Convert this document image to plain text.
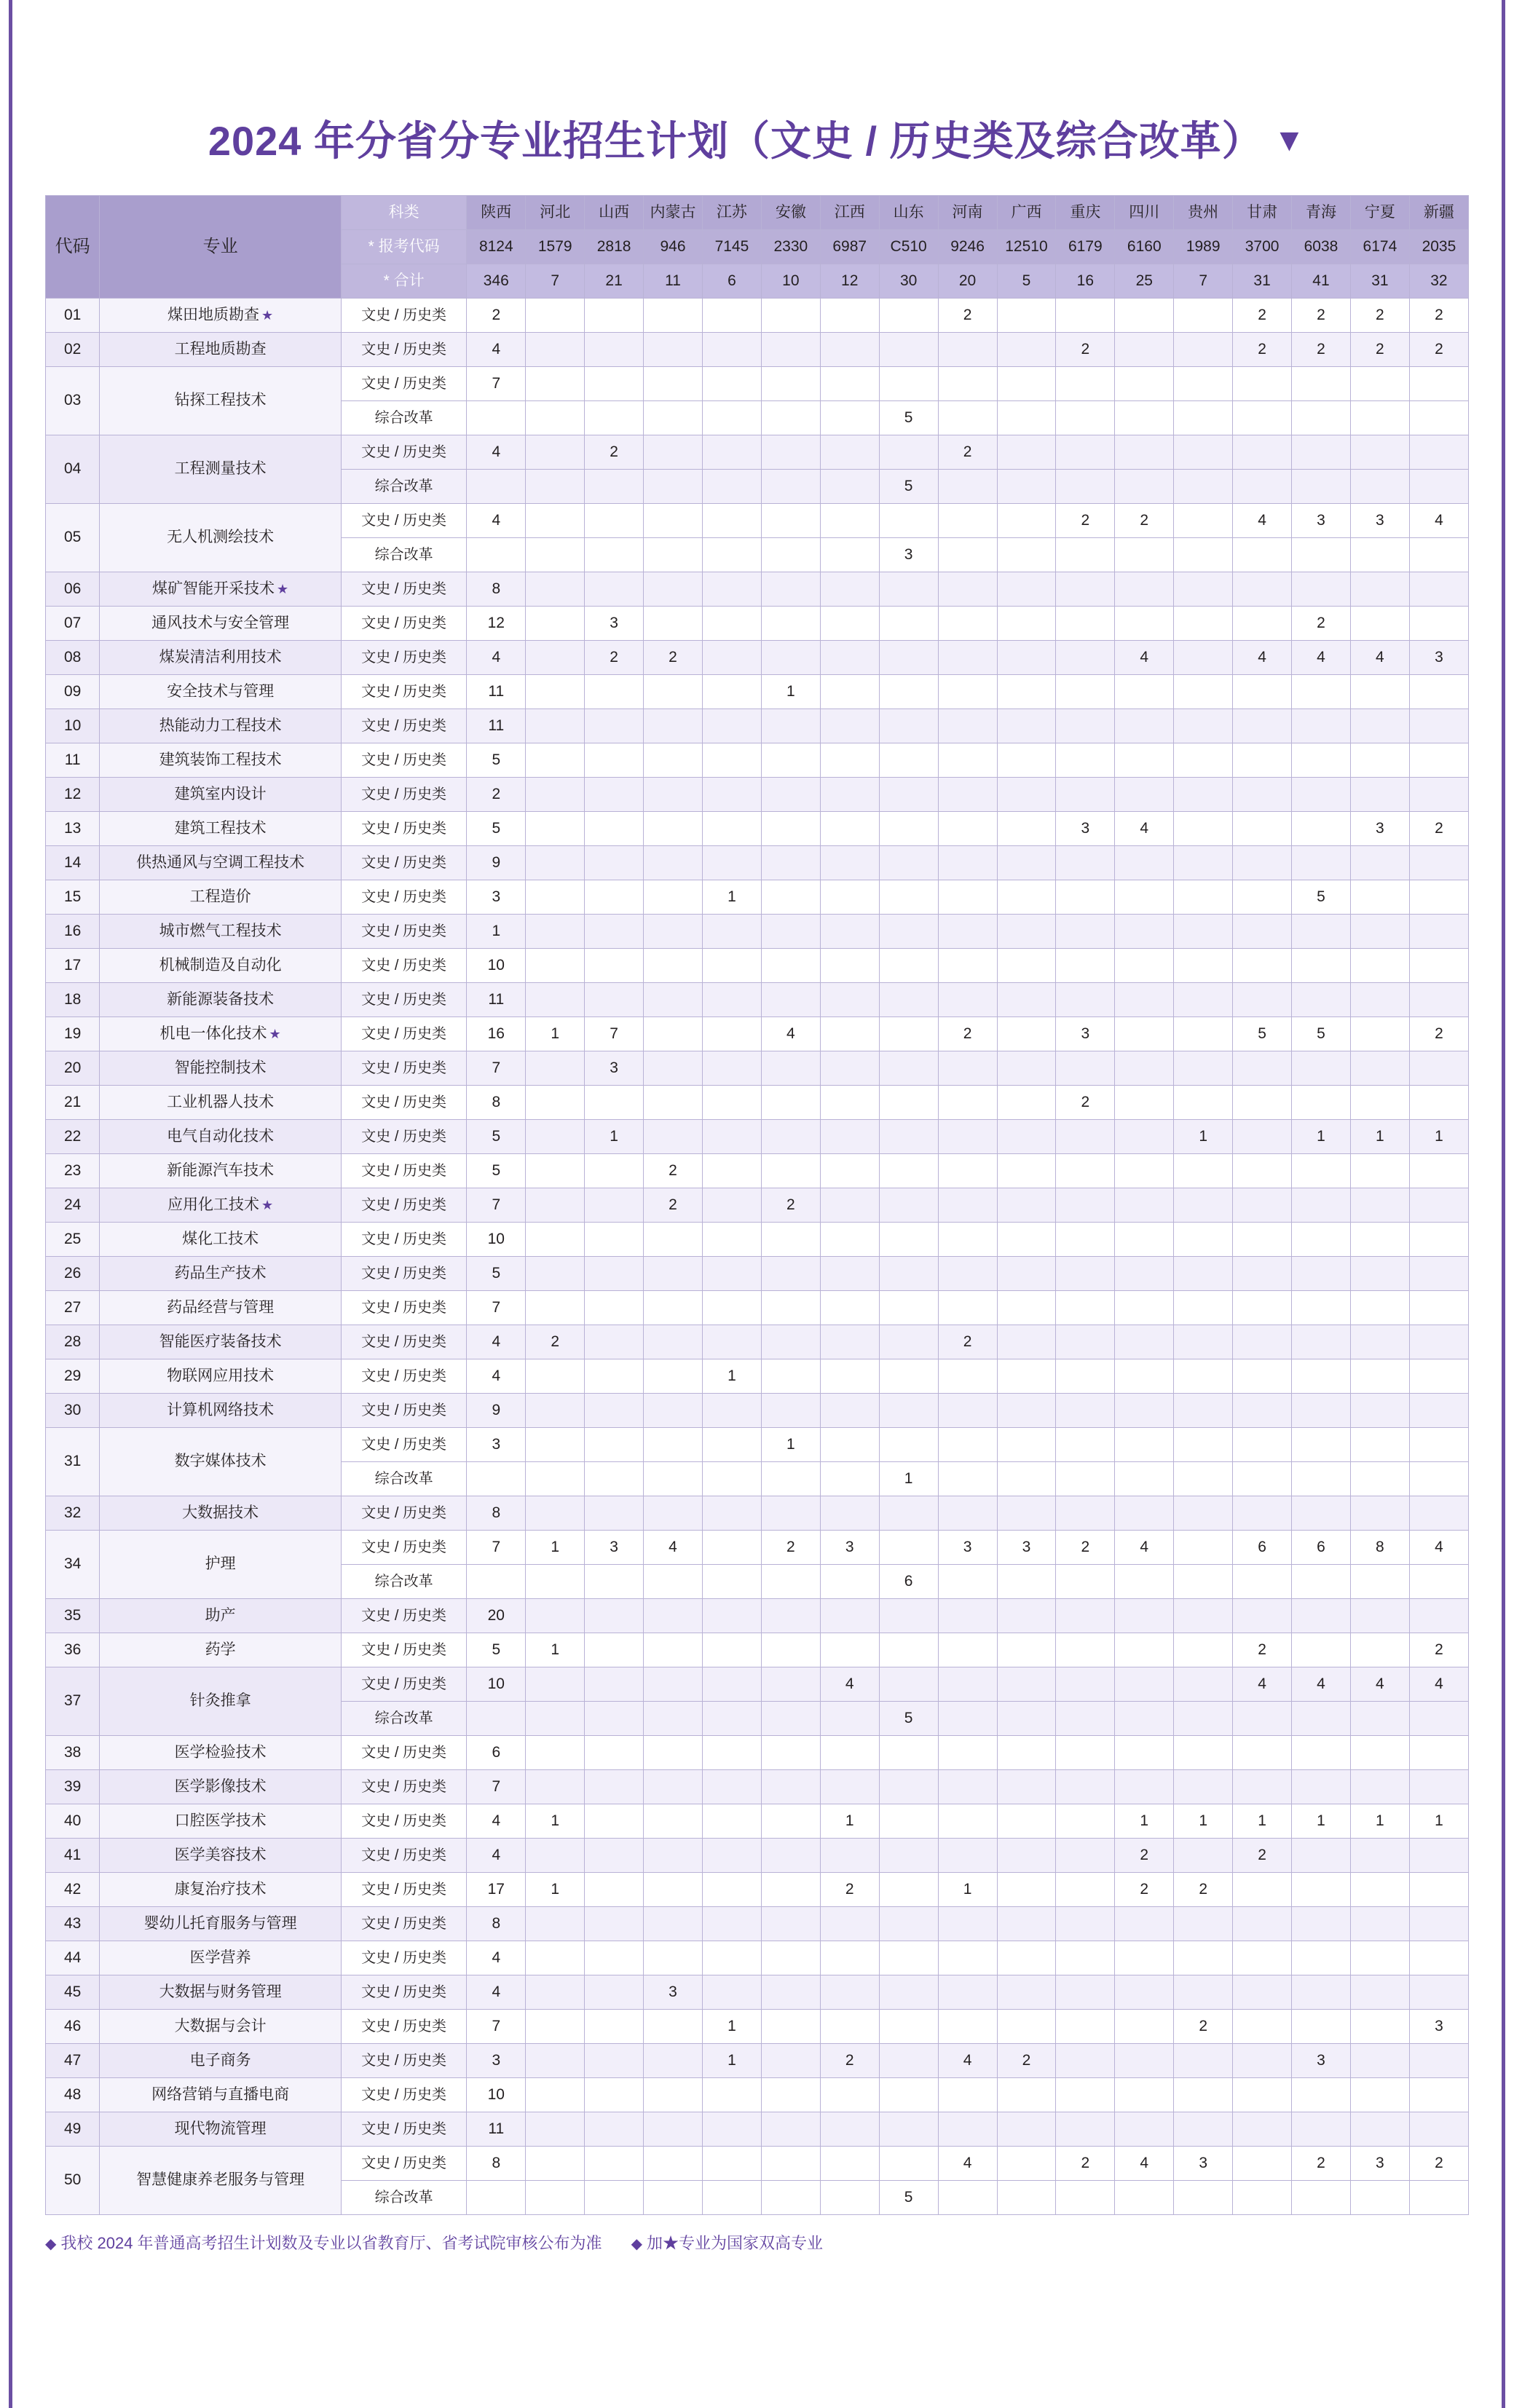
2024 年分省分专业招生计划（文史 / 历史类及综合改革） ▼
代码	专业	科类	陕西	河北	山西	内蒙古	江苏	安徽	江西	山东	河南	广西	重庆	四川	贵州	甘肃	青海	宁夏	新疆
		* 报考代码	8124	1579	2818	946	7145	2330	6987	C510	9246	12510	6179	6160	1989	3700	6038	6174	2035
		* 合计	346	7	21	11	6	10	12	30	20	5	16	25	7	31	41	31	32
01	煤田地质勘查 ★	文史 / 历史类	2								2					2	2	2	2
02	工程地质勘查	文史 / 历史类	4										2			2	2	2	2
03	钻探工程技术	文史 / 历史类	7																
		综合改革								5									
04	工程测量技术	文史 / 历史类	4		2						2								
		综合改革								5									
05	无人机测绘技术	文史 / 历史类	4										2	2		4	3	3	4
		综合改革								3									
06	煤矿智能开采技术 ★	文史 / 历史类	8																
07	通风技术与安全管理	文史 / 历史类	12		3												2		
08	煤炭清洁利用技术	文史 / 历史类	4		2	2								4		4	4	4	3
09	安全技术与管理	文史 / 历史类	11					1											
10	热能动力工程技术	文史 / 历史类	11																
11	建筑装饰工程技术	文史 / 历史类	5																
12	建筑室内设计	文史 / 历史类	2																
13	建筑工程技术	文史 / 历史类	5										3	4				3	2
14	供热通风与空调工程技术	文史 / 历史类	9																
15	工程造价	文史 / 历史类	3				1										5		
16	城市燃气工程技术	文史 / 历史类	1																
17	机械制造及自动化	文史 / 历史类	10																
18	新能源装备技术	文史 / 历史类	11																
19	机电一体化技术 ★	文史 / 历史类	16	1	7			4			2		3			5	5		2
20	智能控制技术	文史 / 历史类	7		3														
21	工业机器人技术	文史 / 历史类	8										2						
22	电气自动化技术	文史 / 历史类	5		1										1		1	1	1
23	新能源汽车技术	文史 / 历史类	5			2													
24	应用化工技术 ★	文史 / 历史类	7			2		2											
25	煤化工技术	文史 / 历史类	10																
26	药品生产技术	文史 / 历史类	5																
27	药品经营与管理	文史 / 历史类	7																
28	智能医疗装备技术	文史 / 历史类	4	2							2								
29	物联网应用技术	文史 / 历史类	4				1												
30	计算机网络技术	文史 / 历史类	9																
31	数字媒体技术	文史 / 历史类	3					1											
		综合改革								1									
32	大数据技术	文史 / 历史类	8																
34	护理	文史 / 历史类	7	1	3	4		2	3		3	3	2	4		6	6	8	4
		综合改革								6									
35	助产	文史 / 历史类	20																
36	药学	文史 / 历史类	5	1												2			2
37	针灸推拿	文史 / 历史类	10						4							4	4	4	4
		综合改革								5									
38	医学检验技术	文史 / 历史类	6																
39	医学影像技术	文史 / 历史类	7																
40	口腔医学技术	文史 / 历史类	4	1					1					1	1	1	1	1	1
41	医学美容技术	文史 / 历史类	4											2		2			
42	康复治疗技术	文史 / 历史类	17	1					2		1			2	2				
43	婴幼儿托育服务与管理	文史 / 历史类	8																
44	医学营养	文史 / 历史类	4																
45	大数据与财务管理	文史 / 历史类	4			3													
46	大数据与会计	文史 / 历史类	7				1								2				3
47	电子商务	文史 / 历史类	3				1		2		4	2					3		
48	网络营销与直播电商	文史 / 历史类	10																
49	现代物流管理	文史 / 历史类	11																
50	智慧健康养老服务与管理	文史 / 历史类	8								4		2	4	3		2	3	2
		综合改革								5									
◆ 我校 2024 年普通高考招生计划数及专业以省教育厅、省考试院审核公布为准 ◆ 加★专业为国家双高专业
